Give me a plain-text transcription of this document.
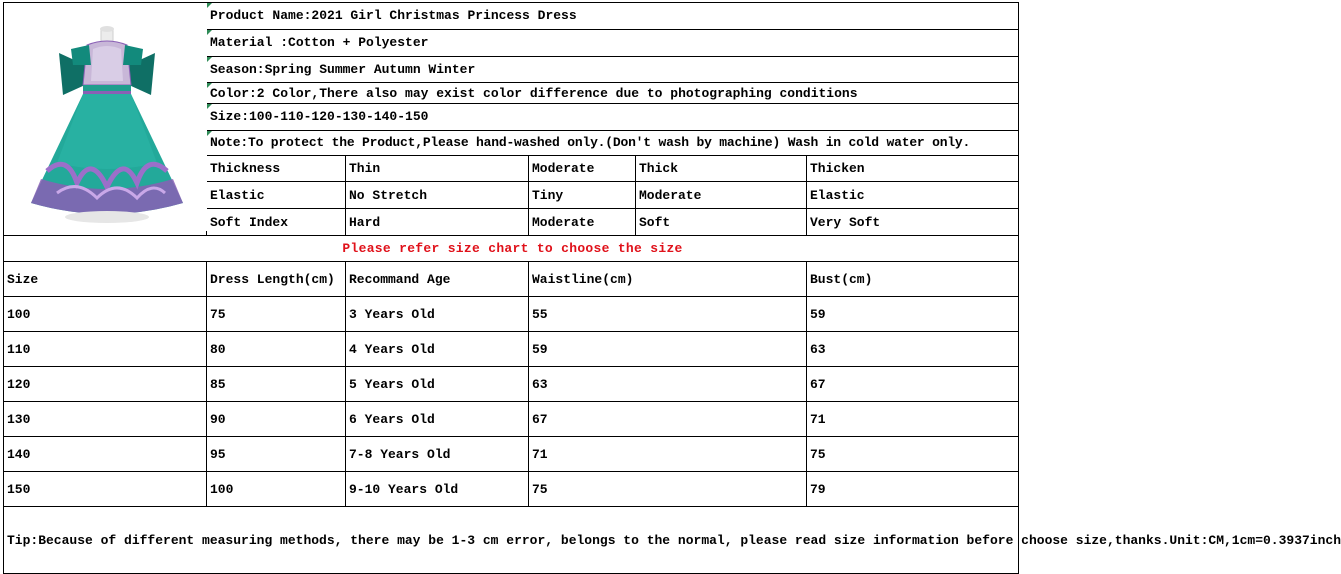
	Product Name:2021 Girl Christmas Princess Dress				
	Material :Cotton + Polyester				
	Season:Spring Summer Autumn Winter				
	Color:2 Color,There also may exist color difference due to photographing conditions				
	Size:100-110-120-130-140-150				
	Note:To protect the Product,Please hand-washed only.(Don't wash by machine) Wash in cold water only.				
	Thickness	Thin	Moderate	Thick	Thicken
	Elastic	No Stretch	Tiny	Moderate	Elastic
	Soft Index	Hard	Moderate	Soft	Very Soft
Please refer size chart to choose the size					
Size	Dress Length(cm)	Recommand Age	Waistline(cm)		Bust(cm)
100	75	3 Years Old	55		59
110	80	4 Years Old	59		63
120	85	5 Years Old	63		67
130	90	6 Years Old	67		71
140	95	7-8 Years Old	71		75
150	100	9-10 Years Old	75		79
Tip:Because of different measuring methods, there may be 1-3 cm error, belongs to the normal, please read size information before choose size,thanks.Unit:CM,1cm=0.3937inch					
